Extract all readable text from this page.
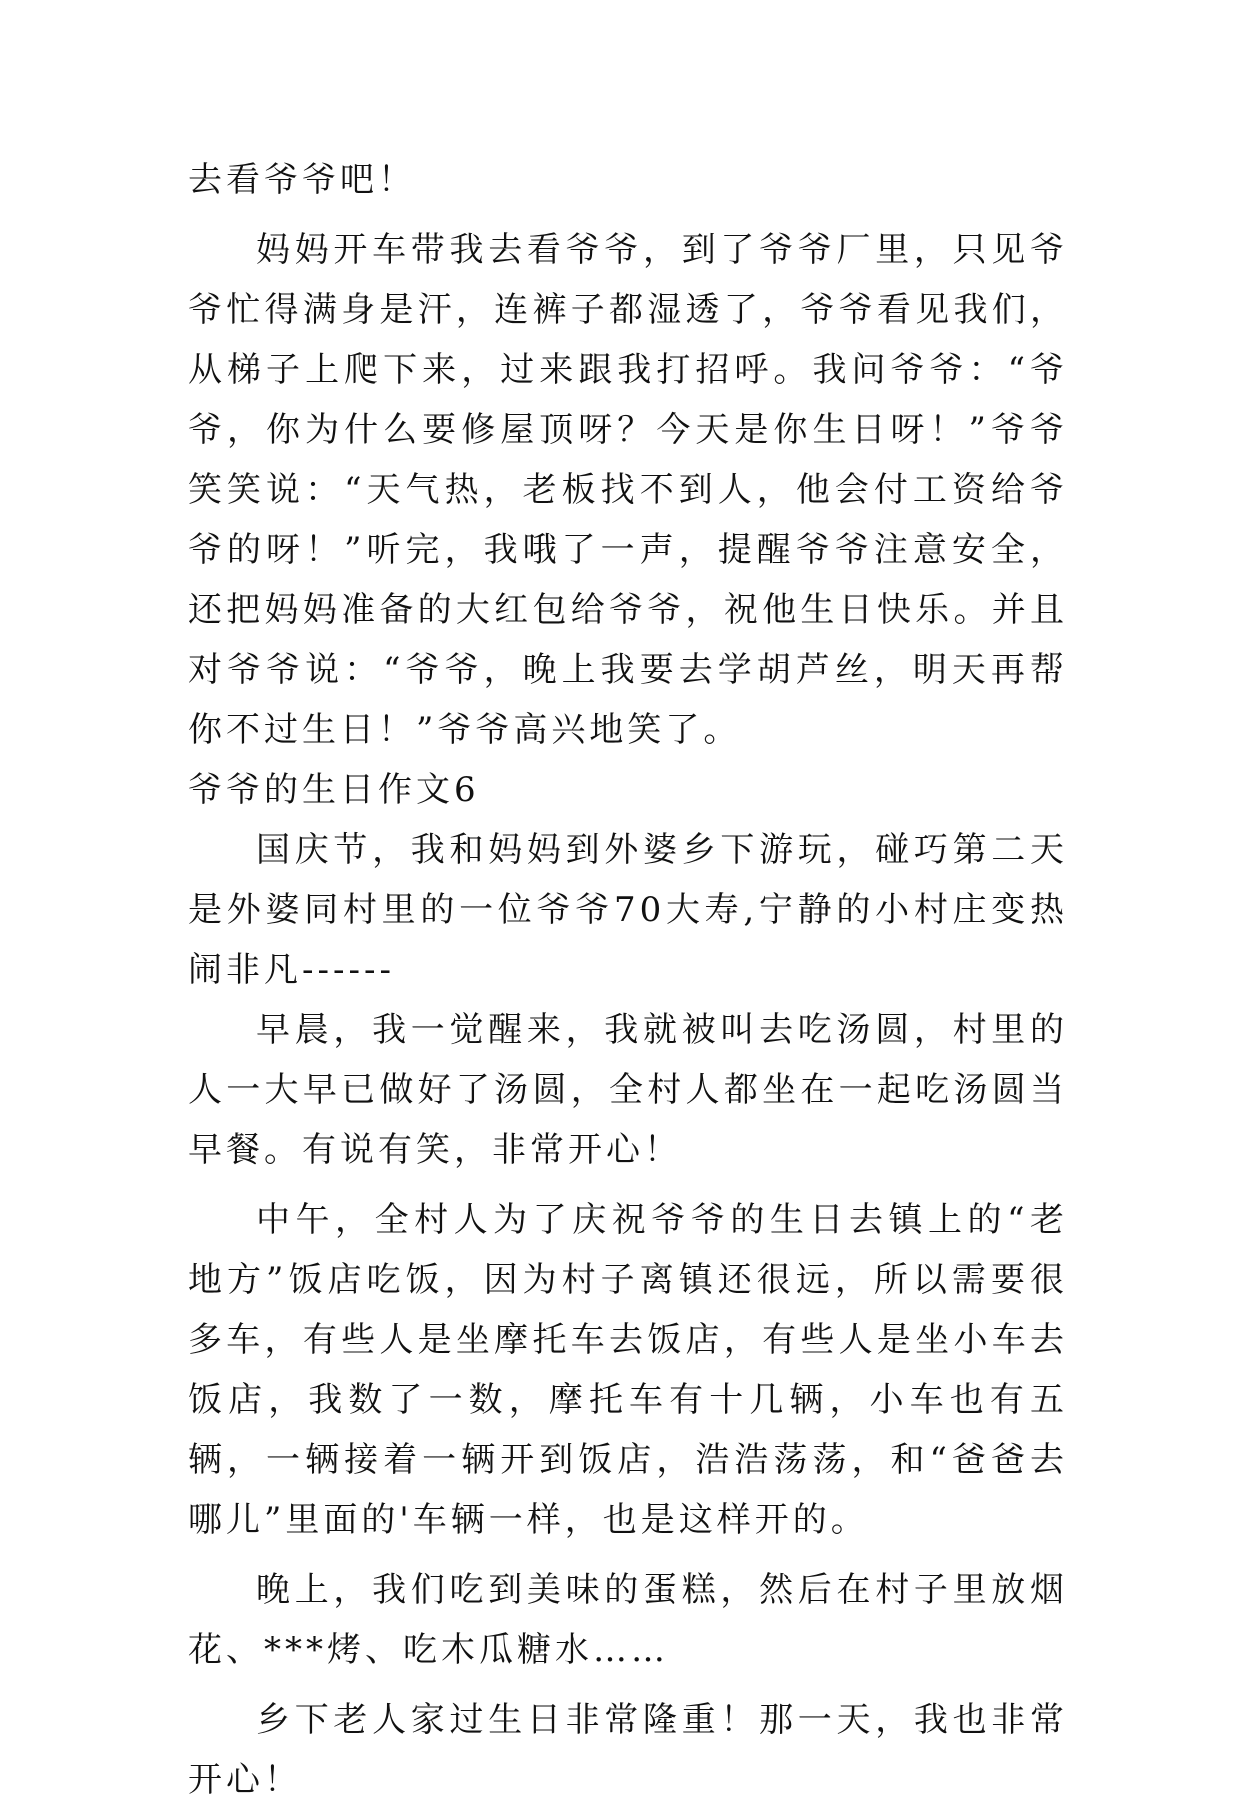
去看爷爷吧！

妈妈开车带我去看爷爷，到了爷爷厂里，只见爷爷忙得满身是汗，连裤子都湿透了，爷爷看见我们，从梯子上爬下来，过来跟我打招呼。我问爷爷：“爷爷，你为什么要修屋顶呀？今天是你生日呀！”爷爷笑笑说：“天气热，老板找不到人，他会付工资给爷爷的呀！”听完，我哦了一声，提醒爷爷注意安全，还把妈妈准备的大红包给爷爷，祝他生日快乐。并且对爷爷说：“爷爷，晚上我要去学胡芦丝，明天再帮你不过生日！”爷爷高兴地笑了。

爷爷的生日作文6

国庆节，我和妈妈到外婆乡下游玩，碰巧第二天是外婆同村里的一位爷爷70大寿,宁静的小村庄变热闹非凡------

早晨，我一觉醒来，我就被叫去吃汤圆，村里的人一大早已做好了汤圆，全村人都坐在一起吃汤圆当早餐。有说有笑，非常开心！

中午，全村人为了庆祝爷爷的生日去镇上的“老地方”饭店吃饭，因为村子离镇还很远，所以需要很多车，有些人是坐摩托车去饭店，有些人是坐小车去饭店，我数了一数，摩托车有十几辆，小车也有五辆，一辆接着一辆开到饭店，浩浩荡荡，和“爸爸去哪儿”里面的'车辆一样，也是这样开的。

晚上，我们吃到美味的蛋糕，然后在村子里放烟花、***烤、吃木瓜糖水……

乡下老人家过生日非常隆重！那一天，我也非常开心！
